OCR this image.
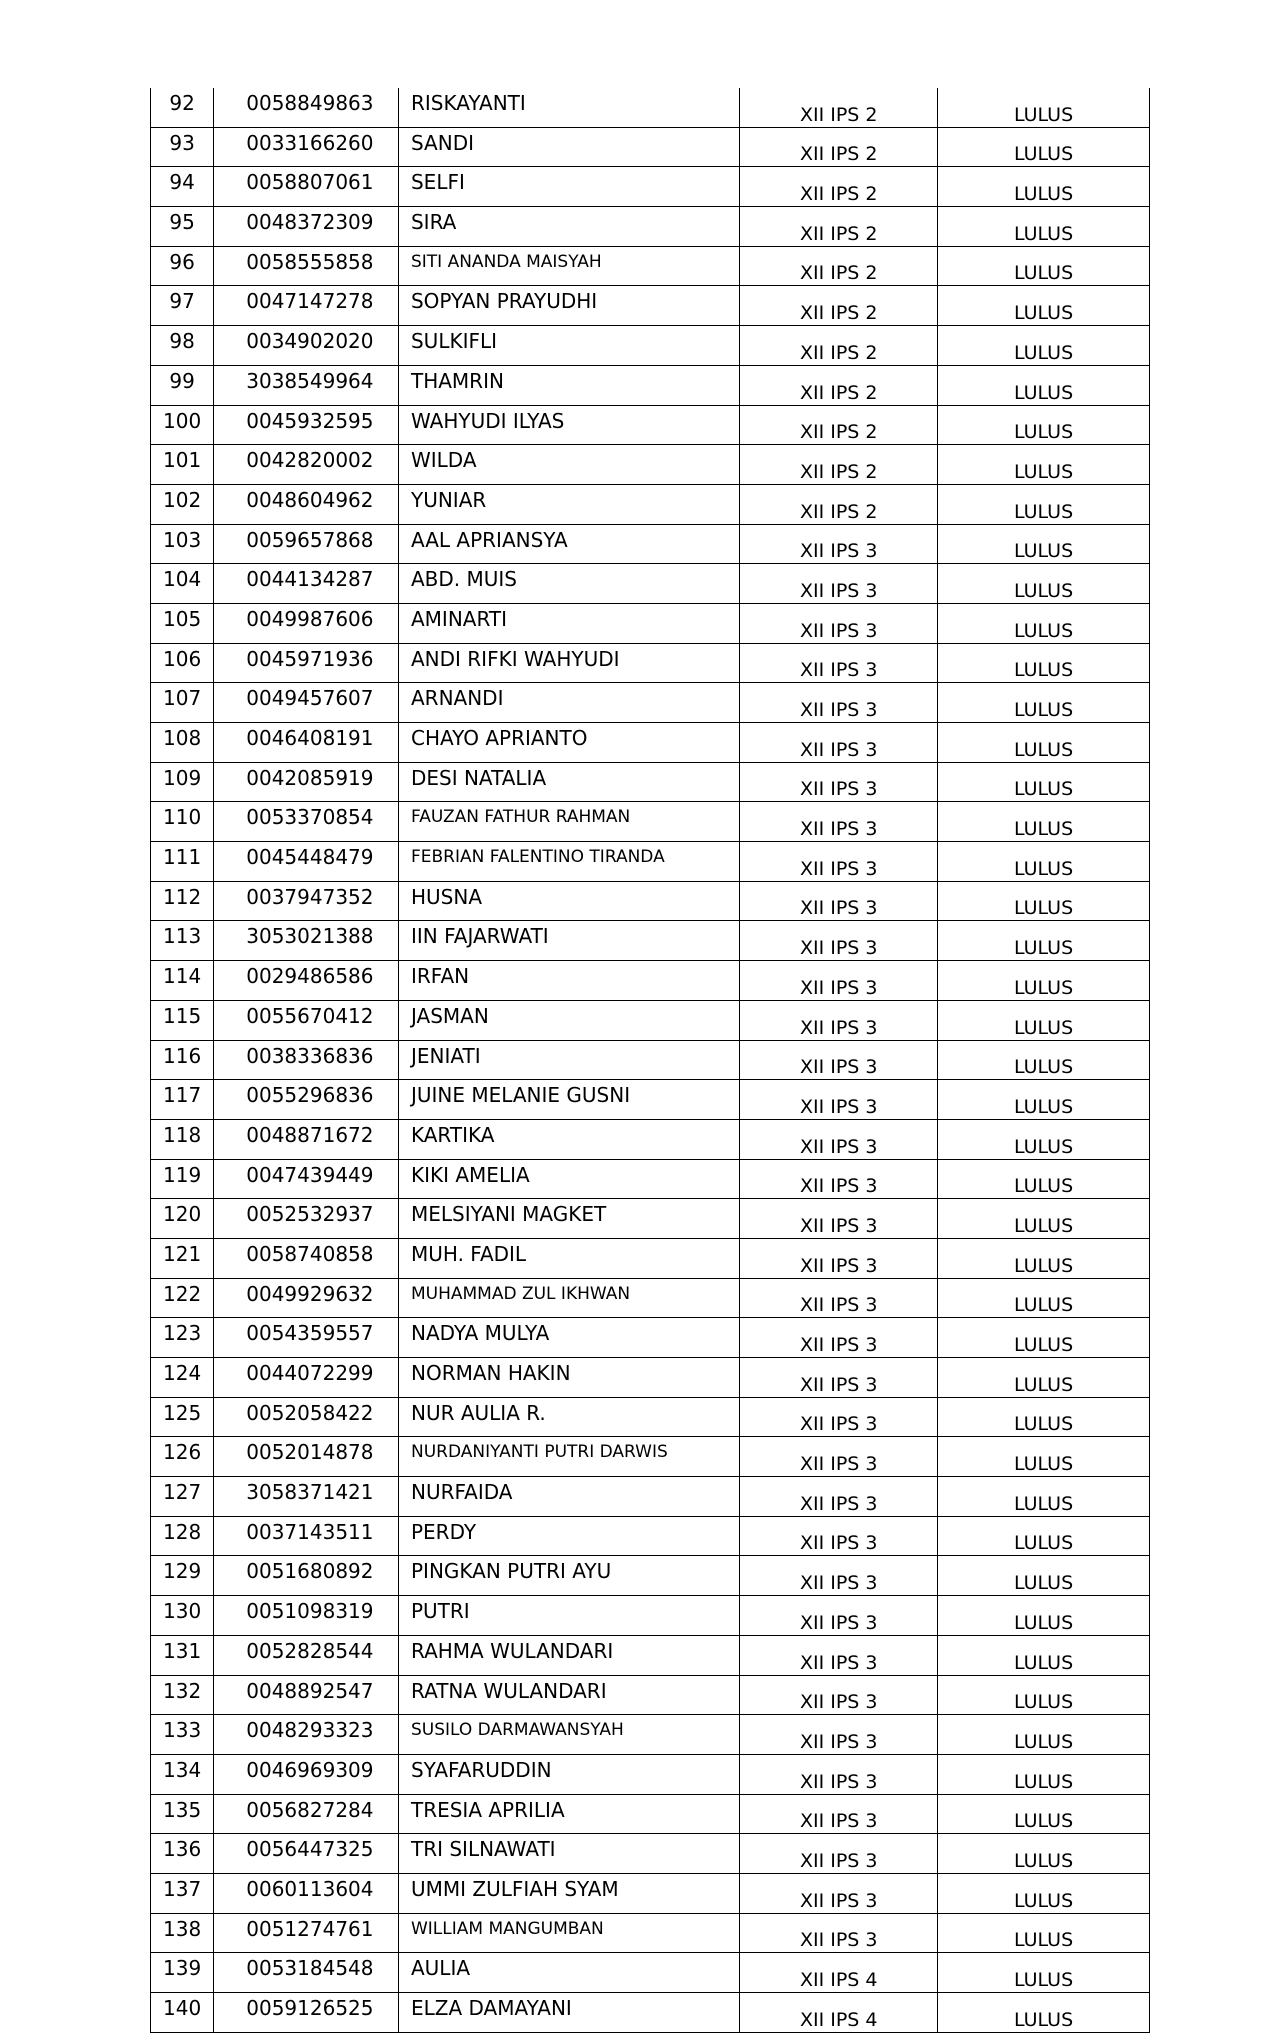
92	0058849863	RISKAYANTI	XII IPS 2	LULUS
93	0033166260	SANDI	XII IPS 2	LULUS
94	0058807061	SELFI	XII IPS 2	LULUS
95	0048372309	SIRA	XII IPS 2	LULUS
96	0058555858	SITI ANANDA MAISYAH	XII IPS 2	LULUS
97	0047147278	SOPYAN PRAYUDHI	XII IPS 2	LULUS
98	0034902020	SULKIFLI	XII IPS 2	LULUS
99	3038549964	THAMRIN	XII IPS 2	LULUS
100	0045932595	WAHYUDI ILYAS	XII IPS 2	LULUS
101	0042820002	WILDA	XII IPS 2	LULUS
102	0048604962	YUNIAR	XII IPS 2	LULUS
103	0059657868	AAL APRIANSYA	XII IPS 3	LULUS
104	0044134287	ABD. MUIS	XII IPS 3	LULUS
105	0049987606	AMINARTI	XII IPS 3	LULUS
106	0045971936	ANDI RIFKI WAHYUDI	XII IPS 3	LULUS
107	0049457607	ARNANDI	XII IPS 3	LULUS
108	0046408191	CHAYO APRIANTO	XII IPS 3	LULUS
109	0042085919	DESI NATALIA	XII IPS 3	LULUS
110	0053370854	FAUZAN FATHUR RAHMAN	XII IPS 3	LULUS
111	0045448479	FEBRIAN FALENTINO TIRANDA	XII IPS 3	LULUS
112	0037947352	HUSNA	XII IPS 3	LULUS
113	3053021388	IIN FAJARWATI	XII IPS 3	LULUS
114	0029486586	IRFAN	XII IPS 3	LULUS
115	0055670412	JASMAN	XII IPS 3	LULUS
116	0038336836	JENIATI	XII IPS 3	LULUS
117	0055296836	JUINE MELANIE GUSNI	XII IPS 3	LULUS
118	0048871672	KARTIKA	XII IPS 3	LULUS
119	0047439449	KIKI AMELIA	XII IPS 3	LULUS
120	0052532937	MELSIYANI MAGKET	XII IPS 3	LULUS
121	0058740858	MUH. FADIL	XII IPS 3	LULUS
122	0049929632	MUHAMMAD ZUL IKHWAN	XII IPS 3	LULUS
123	0054359557	NADYA MULYA	XII IPS 3	LULUS
124	0044072299	NORMAN HAKIN	XII IPS 3	LULUS
125	0052058422	NUR AULIA R.	XII IPS 3	LULUS
126	0052014878	NURDANIYANTI PUTRI DARWIS	XII IPS 3	LULUS
127	3058371421	NURFAIDA	XII IPS 3	LULUS
128	0037143511	PERDY	XII IPS 3	LULUS
129	0051680892	PINGKAN PUTRI AYU	XII IPS 3	LULUS
130	0051098319	PUTRI	XII IPS 3	LULUS
131	0052828544	RAHMA WULANDARI	XII IPS 3	LULUS
132	0048892547	RATNA WULANDARI	XII IPS 3	LULUS
133	0048293323	SUSILO DARMAWANSYAH	XII IPS 3	LULUS
134	0046969309	SYAFARUDDIN	XII IPS 3	LULUS
135	0056827284	TRESIA APRILIA	XII IPS 3	LULUS
136	0056447325	TRI SILNAWATI	XII IPS 3	LULUS
137	0060113604	UMMI ZULFIAH SYAM	XII IPS 3	LULUS
138	0051274761	WILLIAM MANGUMBAN	XII IPS 3	LULUS
139	0053184548	AULIA	XII IPS 4	LULUS
140	0059126525	ELZA DAMAYANI	XII IPS 4	LULUS
